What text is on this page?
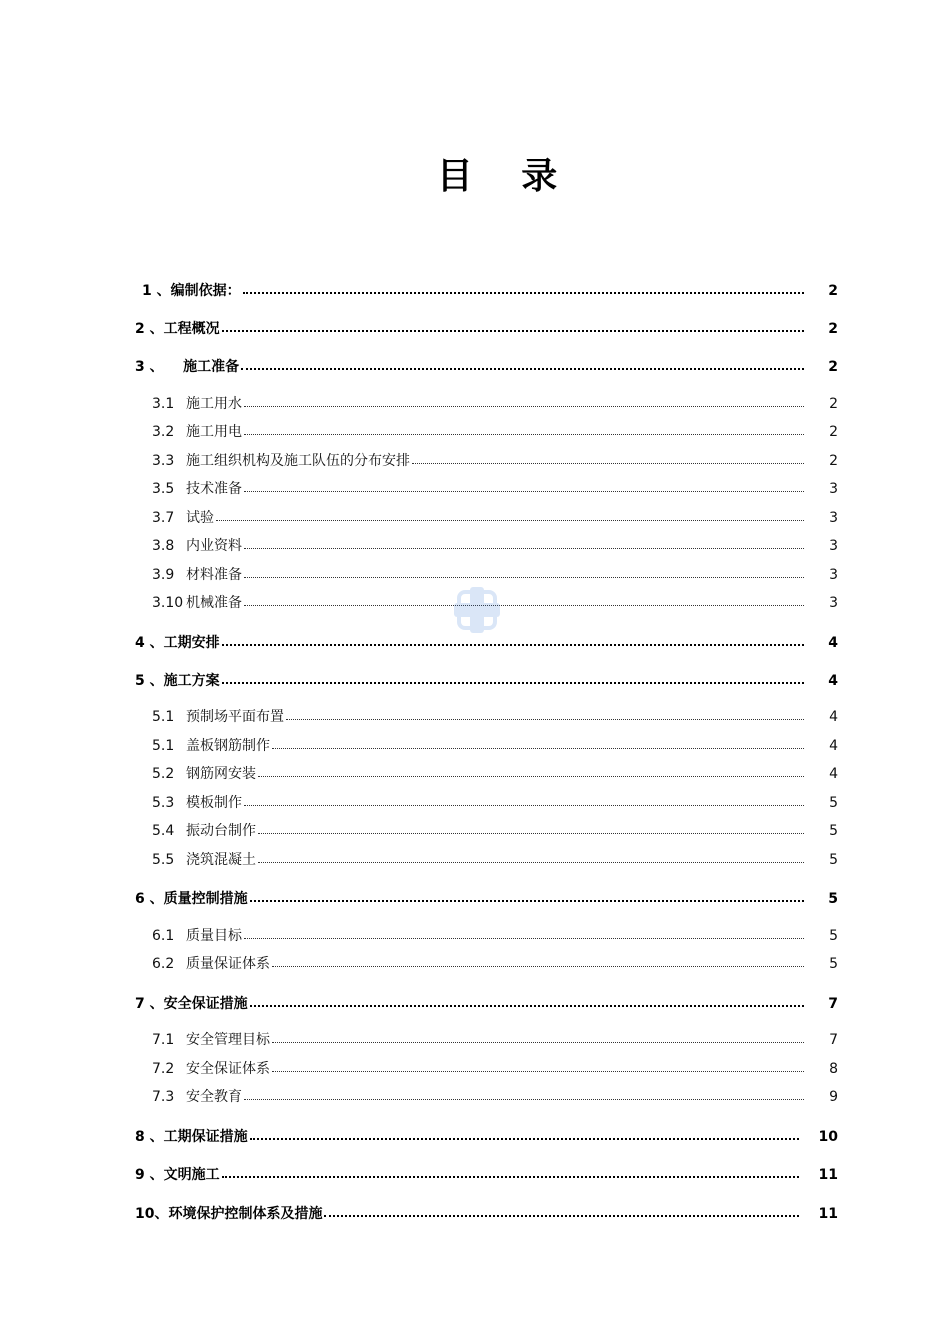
目 录
1 、编制依据：	2
2 、工程概况	2
3 、    施工准备	2
3.1 施工用水	2
3.2 施工用电	2
3.3 施工组织机构及施工队伍的分布安排	2
3.5 技术准备	3
3.7 试验	3
3.8 内业资料	3
3.9 材料准备	3
3.10 机械准备	3
4 、工期安排	4
5 、施工方案	4
5.1 预制场平面布置	4
5.1 盖板钢筋制作	4
5.2 钢筋网安装	4
5.3 模板制作	5
5.4 振动台制作	5
5.5 浇筑混凝土	5
6 、质量控制措施	5
6.1 质量目标	5
6.2 质量保证体系	5
7 、安全保证措施	7
7.1 安全管理目标	7
7.2 安全保证体系	8
7.3 安全教育	9
8 、工期保证措施	10
9 、文明施工	11
10、环境保护控制体系及措施	11
